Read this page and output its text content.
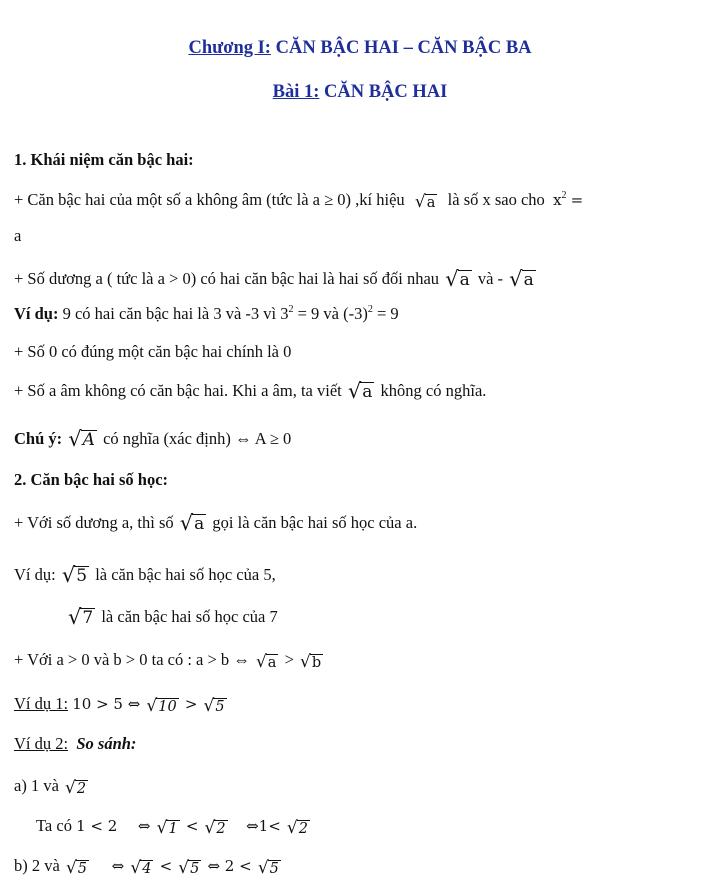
Chương I: CĂN BẬC HAI – CĂN BẬC BA
Bài 1: CĂN BẬC HAI
1. Khái niệm căn bậc hai:
+ Căn bậc hai của một số a không âm (tức là a ≥ 0) ,kí hiệu √ a là số x sao cho $x^2$ =
a
+ Số dương a ( tức là a > 0) có hai căn bậc hai là hai số đối nhau √ a và - √ a
Ví dụ: 9 có hai căn bậc hai là 3 và -3 vì $3^2 = 9$ và $(-3)^2 = 9$
+ Số 0 có đúng một căn bậc hai chính là 0
+ Số a âm không có căn bậc hai. Khi a âm, ta viết √ a không có nghĩa.
Chú ý: √ A có nghĩa (xác định) ⇔ A ≥ 0
2. Căn bậc hai số học:
+ Với số dương a, thì số √ a gọi là căn bậc hai số học của a.
Ví dụ: √ 5 là căn bậc hai số học của 5,
√ 7 là căn bậc hai số học của 7
+ Với a > 0 và b > 0 ta có : a > b ⇔ √ a > √ b
Ví dụ 1: 10 > 5 ⇔ √ 10 > √ 5
Ví dụ 2: So sánh:
a) 1 và √ 2
Ta có 1 < 2 ⇔ √ 1 < √ 2 ⇔1< √ 2
b) 2 và √ 5 ⇔ √ 4 < √ 5 ⇔ 2 < √ 5
